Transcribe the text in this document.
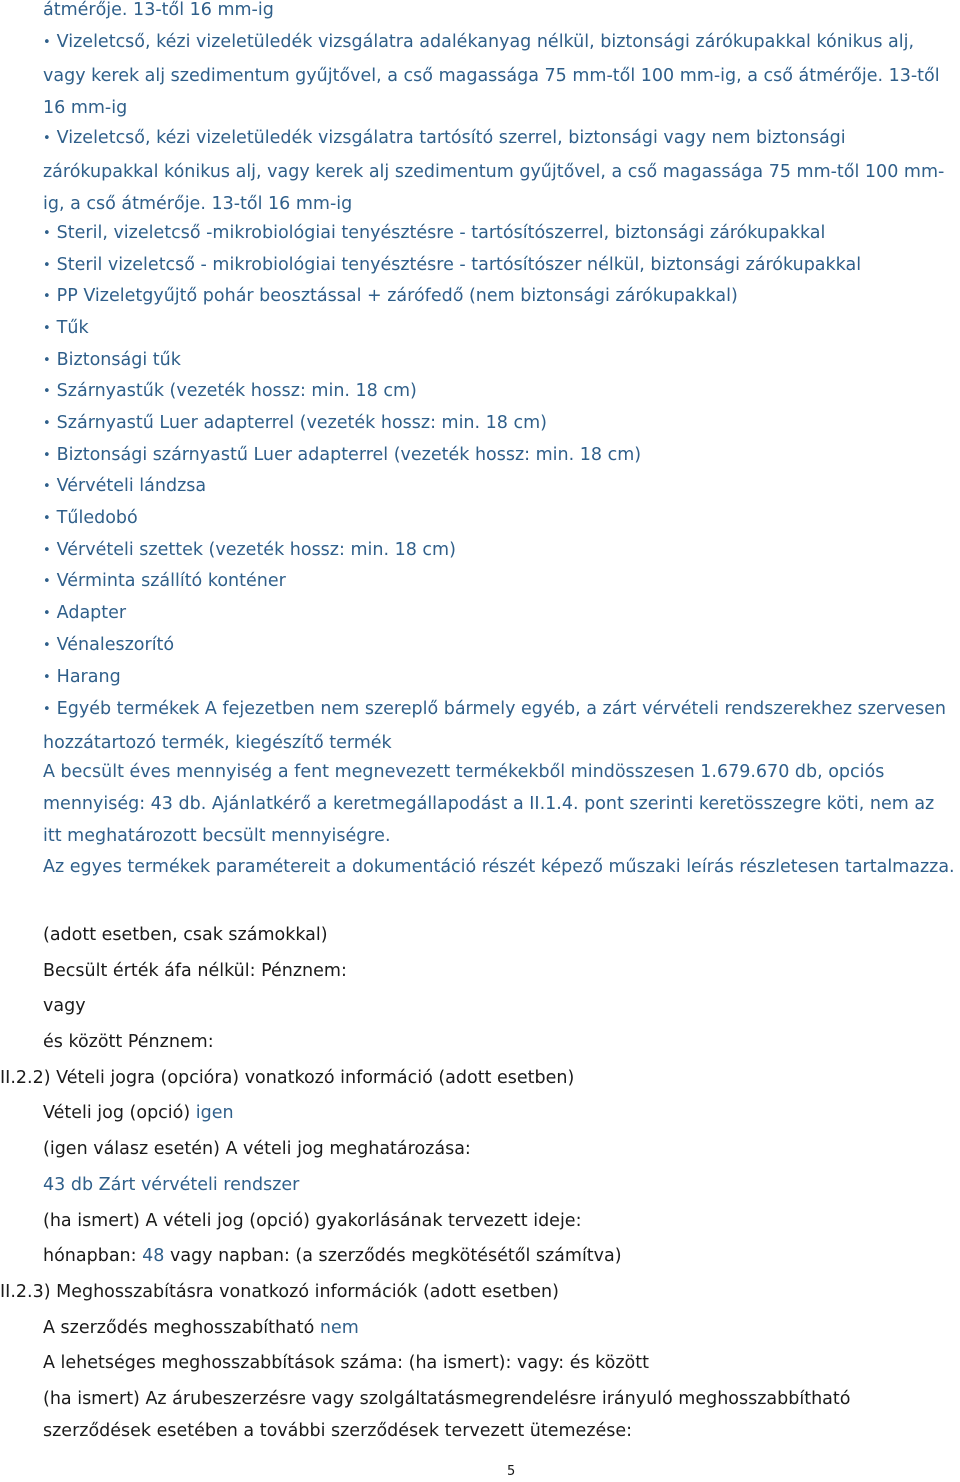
átmérője. 13-től 16 mm-ig

• Vizeletcső, kézi vizeletüledék vizsgálatra adalékanyag nélkül, biztonsági zárókupakkal kónikus alj, vagy kerek alj szedimentum gyűjtővel, a cső magassága 75 mm-től 100 mm-ig, a cső átmérője. 13-től 16 mm-ig

• Vizeletcső, kézi vizeletüledék vizsgálatra tartósító szerrel, biztonsági vagy nem biztonsági zárókupakkal kónikus alj, vagy kerek alj szedimentum gyűjtővel, a cső magassága 75 mm-től 100 mm-ig, a cső átmérője. 13-től 16 mm-ig

• Steril, vizeletcső -mikrobiológiai tenyésztésre - tartósítószerrel, biztonsági zárókupakkal

• Steril vizeletcső - mikrobiológiai tenyésztésre - tartósítószer nélkül, biztonsági zárókupakkal

• PP Vizeletgyűjtő pohár beosztással + zárófedő (nem biztonsági zárókupakkal)

• Tűk

• Biztonsági tűk

• Szárnyastűk (vezeték hossz: min. 18 cm)

• Szárnyastű Luer adapterrel (vezeték hossz: min. 18 cm)

• Biztonsági szárnyastű Luer adapterrel (vezeték hossz: min. 18 cm)

• Vérvételi lándzsa

• Tűledobó

• Vérvételi szettek (vezeték hossz: min. 18 cm)

• Vérminta szállító konténer

• Adapter

• Vénaleszorító

• Harang

• Egyéb termékek A fejezetben nem szereplő bármely egyéb, a zárt vérvételi rendszerekhez szervesen hozzátartozó termék, kiegészítő termék

A becsült éves mennyiség a fent megnevezett termékekből mindösszesen 1.679.670 db, opciós mennyiség: 43 db. Ajánlatkérő a keretmegállapodást a II.1.4. pont szerinti keretösszegre köti, nem az itt meghatározott becsült mennyiségre.

Az egyes termékek paramétereit a dokumentáció részét képező műszaki leírás részletesen tartalmazza.

(adott esetben, csak számokkal)

Becsült érték áfa nélkül: Pénznem:

vagy

és között Pénznem:

II.2.2) Vételi jogra (opcióra) vonatkozó információ (adott esetben)

Vételi jog (opció) igen

(igen válasz esetén) A vételi jog meghatározása:

43 db Zárt vérvételi rendszer

(ha ismert) A vételi jog (opció) gyakorlásának tervezett ideje:

hónapban: 48 vagy napban: (a szerződés megkötésétől számítva)

II.2.3) Meghosszabításra vonatkozó információk (adott esetben)

A szerződés meghosszabítható nem

A lehetséges meghosszabbítások száma: (ha ismert): vagy: és között

(ha ismert) Az árubeszerzésre vagy szolgáltatásmegrendelésre irányuló meghosszabbítható szerződések esetében a további szerződések tervezett ütemezése:

5
